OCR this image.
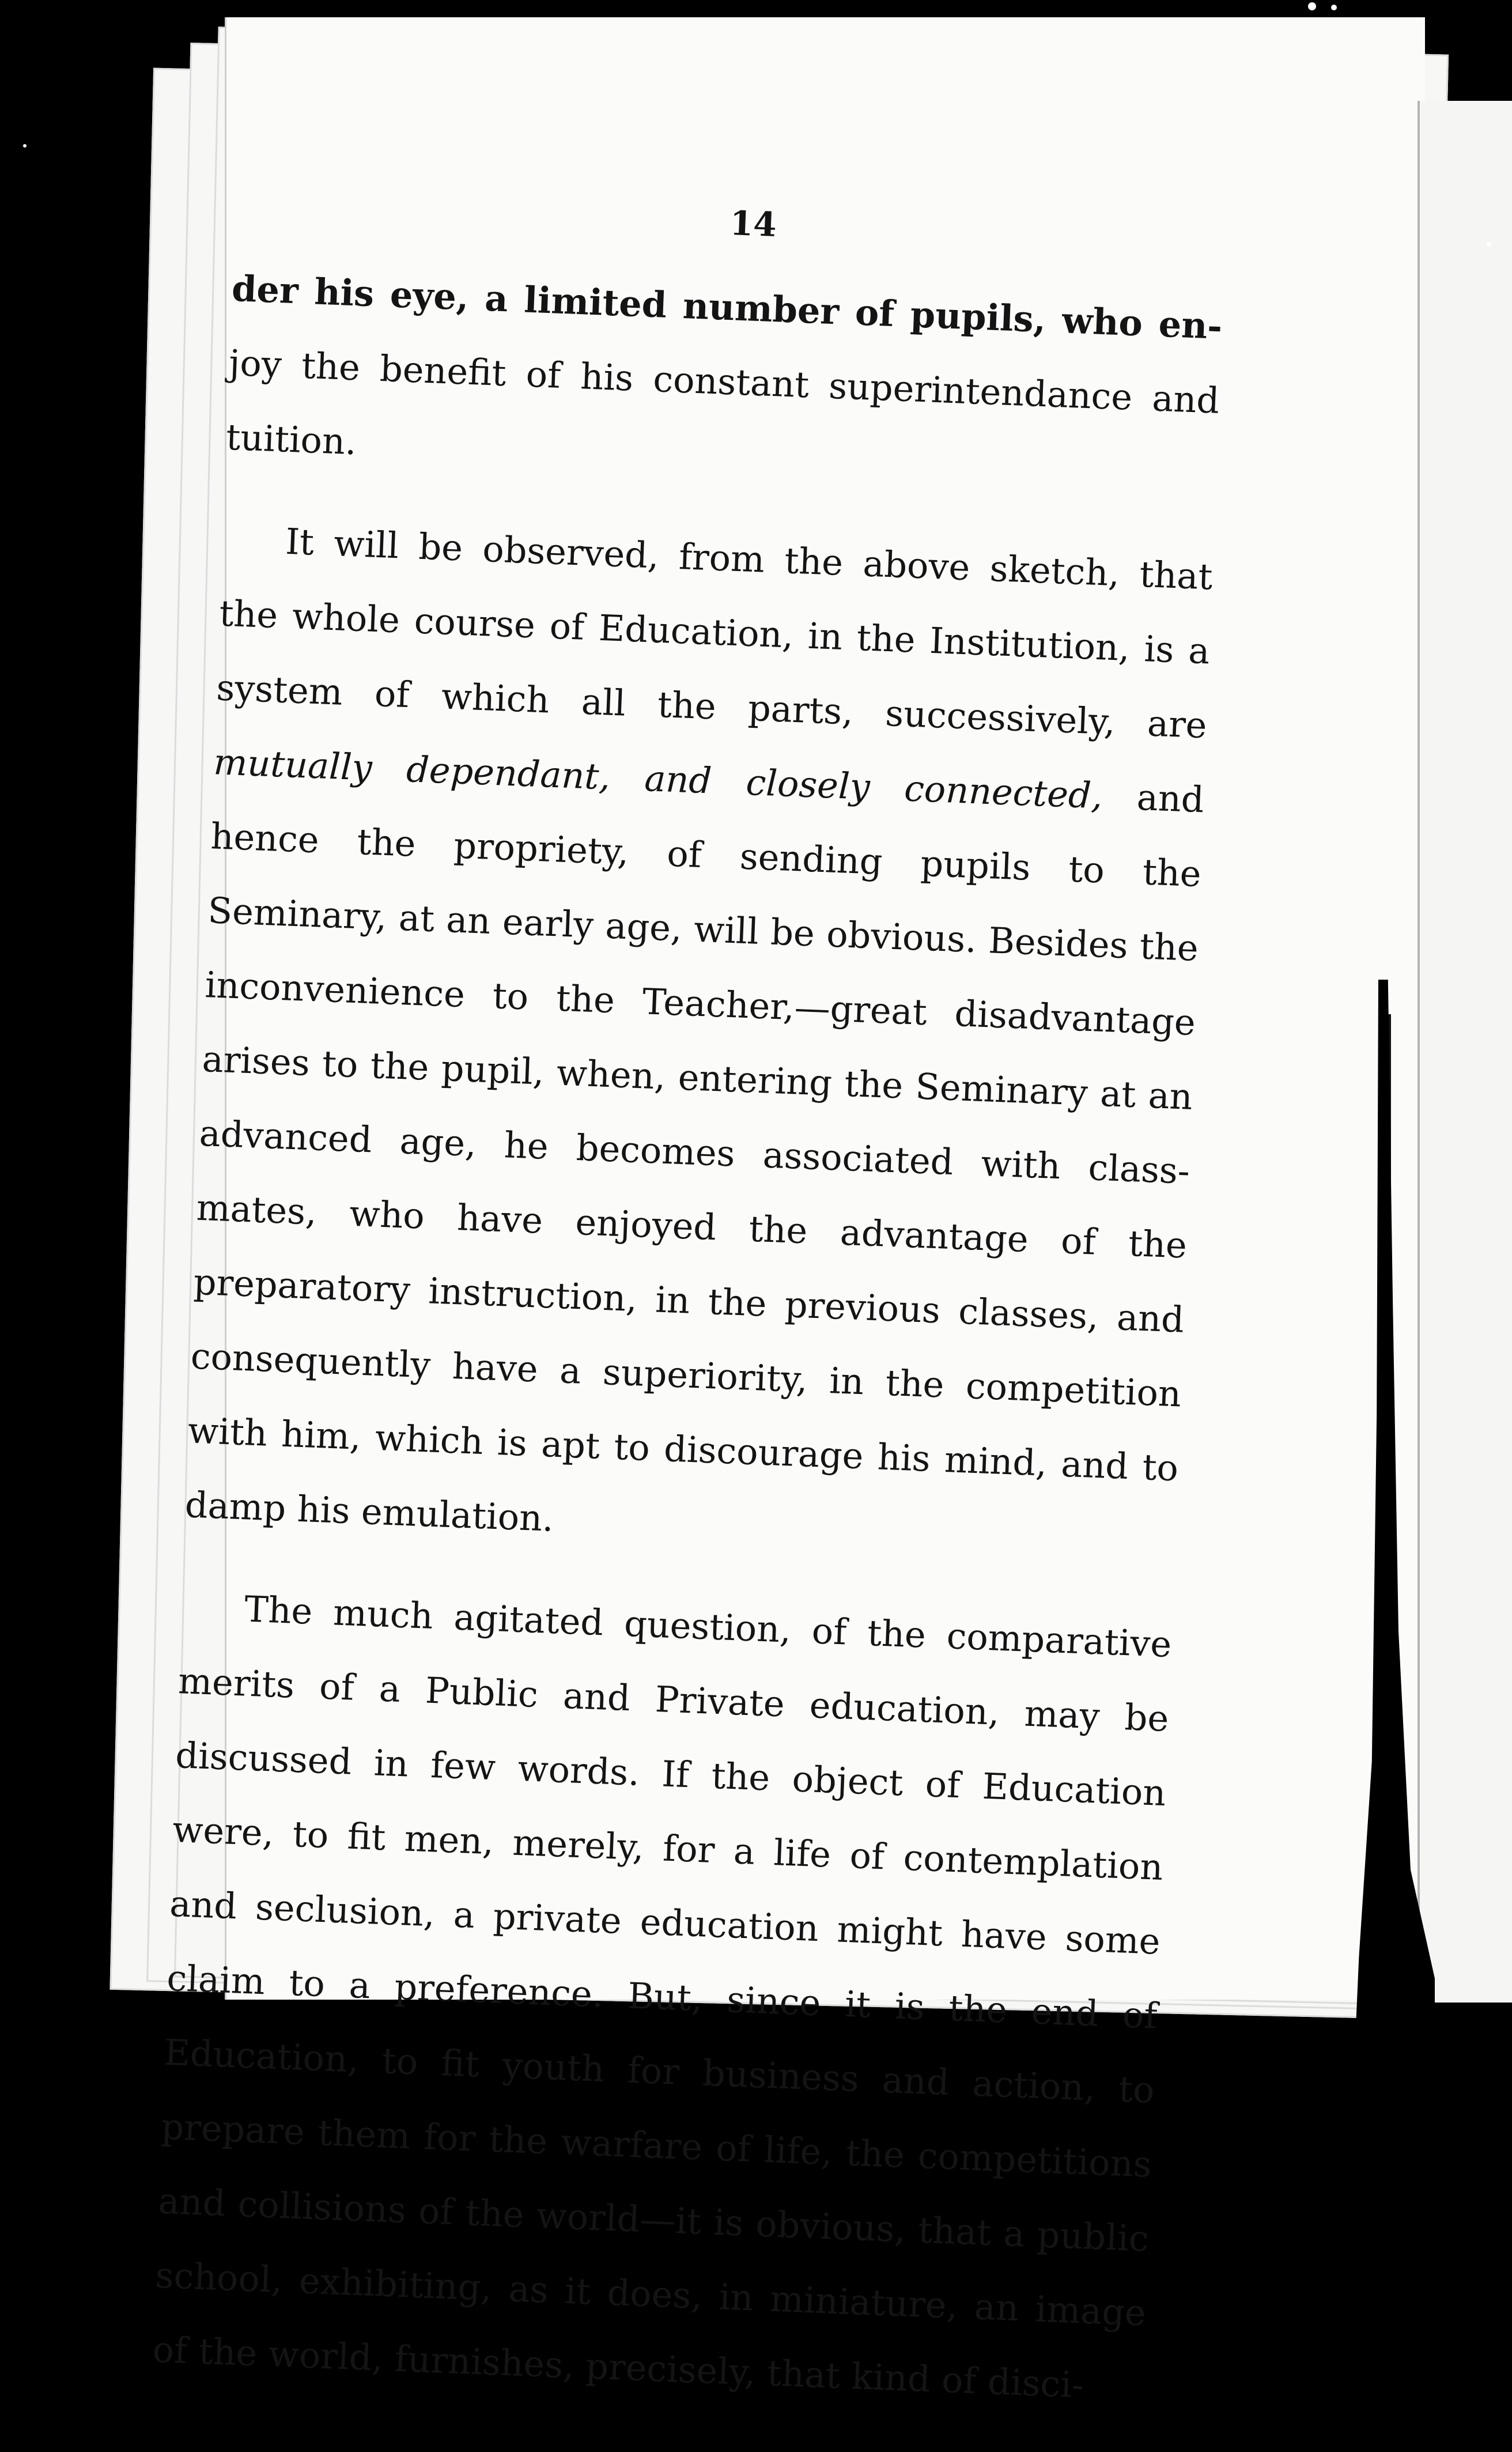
14

der his eye, a limited number of pupils, who en- joy the benefit of his constant superintendance and tuition.

It will be observed, from the above sketch, that the whole course of Education, in the Institution, is a system of which all the parts, successively, are mutually dependant, and closely connected, and hence the propriety, of sending pupils to the Seminary, at an early age, will be obvious. Besides the inconvenience to the Teacher,—great disadvantage arises to the pupil, when, entering the Seminary at an advanced age, he becomes associated with class-mates, who have enjoyed the advantage of the preparatory instruction, in the previous classes, and consequently have a superiority, in the competition with him, which is apt to discourage his mind, and to damp his emulation.

The much agitated question, of the comparative merits of a Public and Private education, may be discussed in few words. If the object of Education were, to fit men, merely, for a life of contemplation and seclusion, a private education might have some claim to a preference. But, since it is the end of Education, to fit youth for business and action, to prepare them for the warfare of life, the competitions and collisions of the world—it is obvious, that a public school, exhibiting, as it does, in miniature, an image of the world, furnishes, precisely, that kind of disci-
